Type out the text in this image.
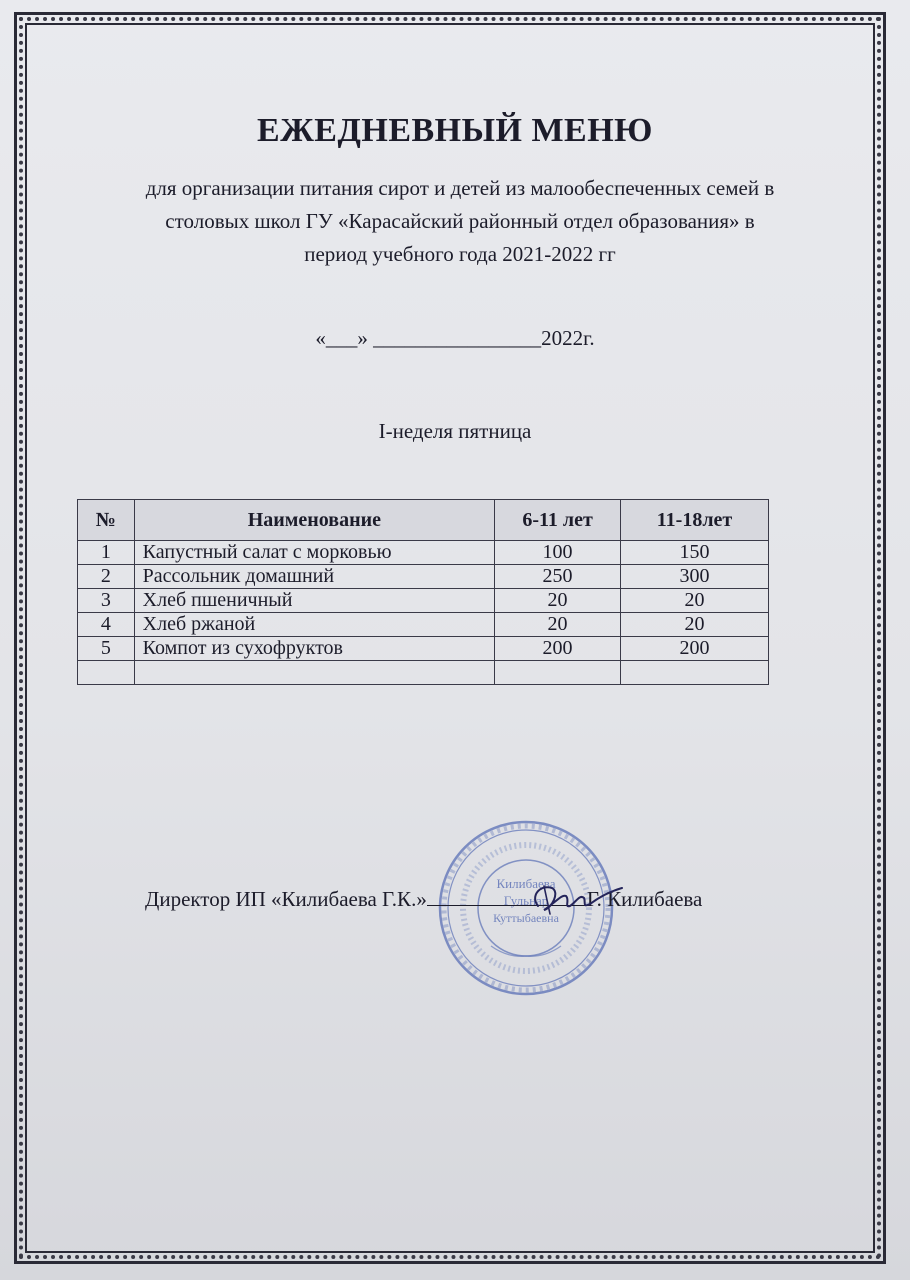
ЕЖЕДНЕВНЫЙ МЕНЮ
для организации питания сирот и детей из малообеспеченных семей в
столовых школ ГУ «Карасайский районный отдел образования» в
период учебного года 2021-2022 гг
«___» ________________2022г.
I-неделя пятница
№	Наименование	6-11 лет	11-18лет
1	Капустный салат с морковью	100	150
2	Рассольник домашний	250	300
3	Хлеб пшеничный	20	20
4	Хлеб ржаной	20	20
5	Компот из сухофруктов	200	200

Килибаева
Гульнар
Куттыбаевна
Директор ИП «Килибаева Г.К.»	Г. Килибаева
